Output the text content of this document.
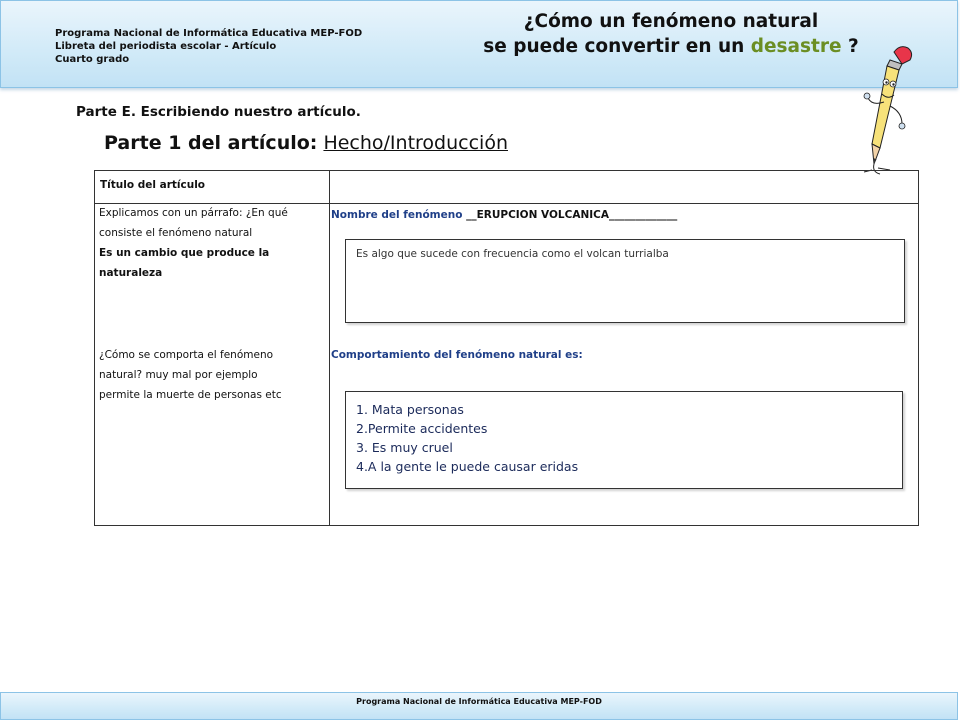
Programa Nacional de Informática Educativa MEP-FOD
Libreta del periodista escolar - Artículo
Cuarto grado
¿Cómo un fenómeno natural
se puede convertir en un desastre ?
Parte E. Escribiendo nuestro artículo.
Parte 1 del artículo: Hecho/Introducción
Título del artículo
Explicamos con un párrafo: ¿En qué
consiste el fenómeno natural
Es un cambio que produce la
naturaleza
¿Cómo se comporta el fenómeno
natural? muy mal por ejemplo
permite la muerte de personas etc
Nombre del fenómeno __ERUPCION VOLCANICA_____________
Es algo que sucede con frecuencia como el volcan turrialba
Comportamiento del fenómeno natural es:
1. Mata personas
2.Permite accidentes
3. Es muy cruel
4.A la gente le puede causar eridas
Programa Nacional de Informática Educativa MEP-FOD
